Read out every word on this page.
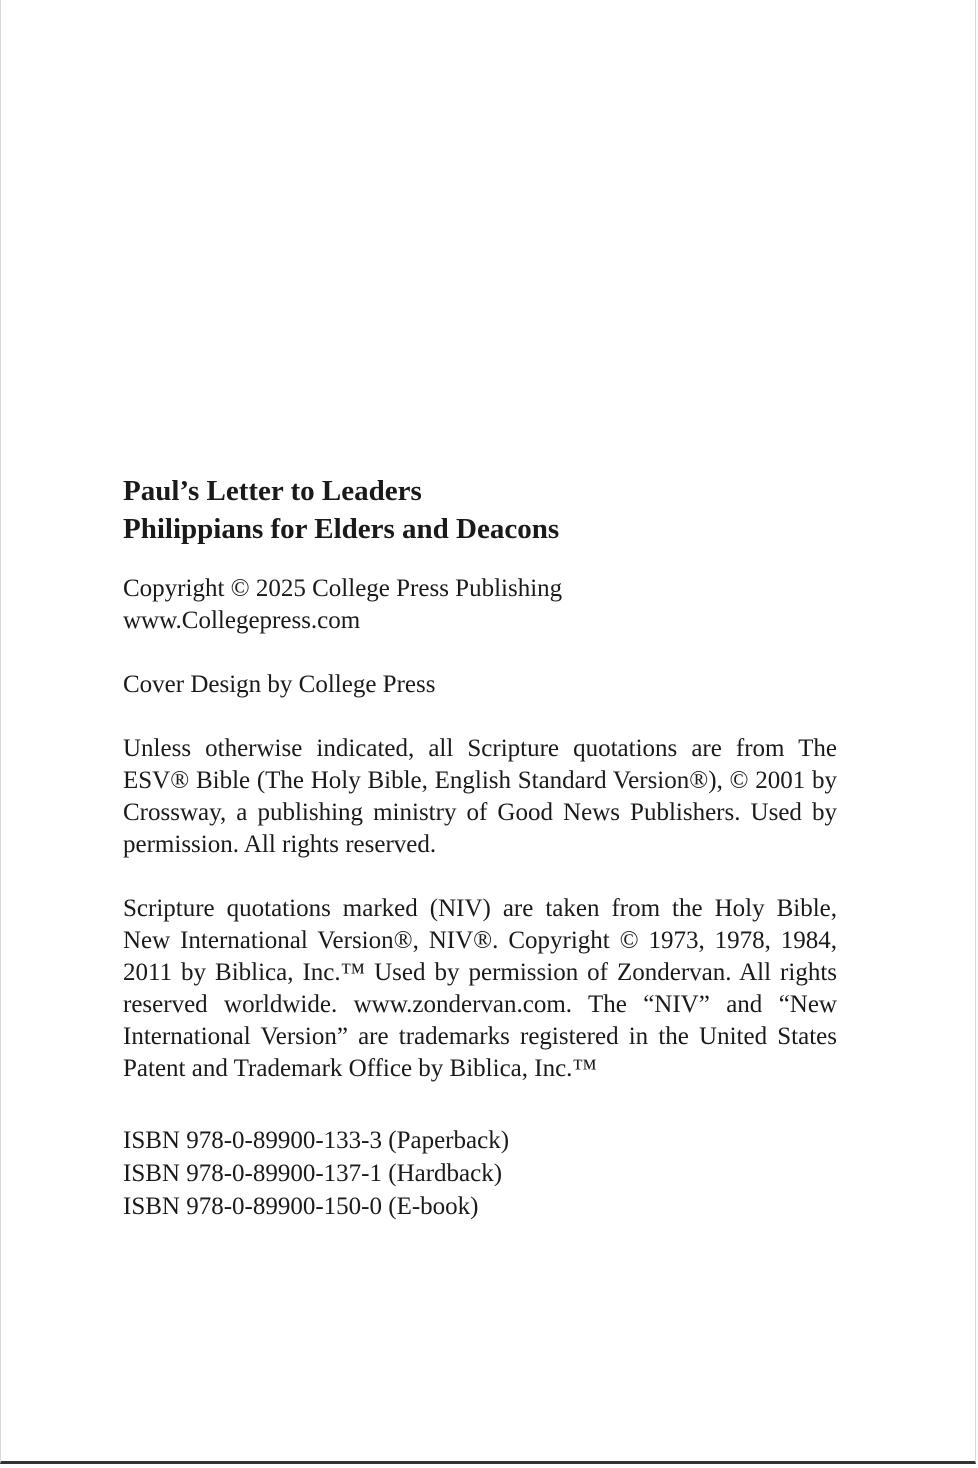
Paul’s Letter to Leaders

Philippians for Elders and Deacons

Copyright © 2025 College Press Publishing

www.Collegepress.com

Cover Design by College Press

Unless otherwise indicated, all Scripture quotations are from The ESV® Bible (The Holy Bible, English Standard Version®), © 2001 by Crossway, a publishing ministry of Good News Publishers. Used by permission. All rights reserved.

Scripture quotations marked (NIV) are taken from the Holy Bible, New International Version®, NIV®. Copyright © 1973, 1978, 1984, 2011 by Biblica, Inc.™ Used by permission of Zondervan. All rights reserved worldwide. www.zondervan.com. The “NIV” and “New International Version” are trademarks registered in the United States Patent and Trademark Office by Biblica, Inc.™

ISBN 978-0-89900-133-3 (Paperback)

ISBN 978-0-89900-137-1 (Hardback)

ISBN 978-0-89900-150-0 (E-book)
